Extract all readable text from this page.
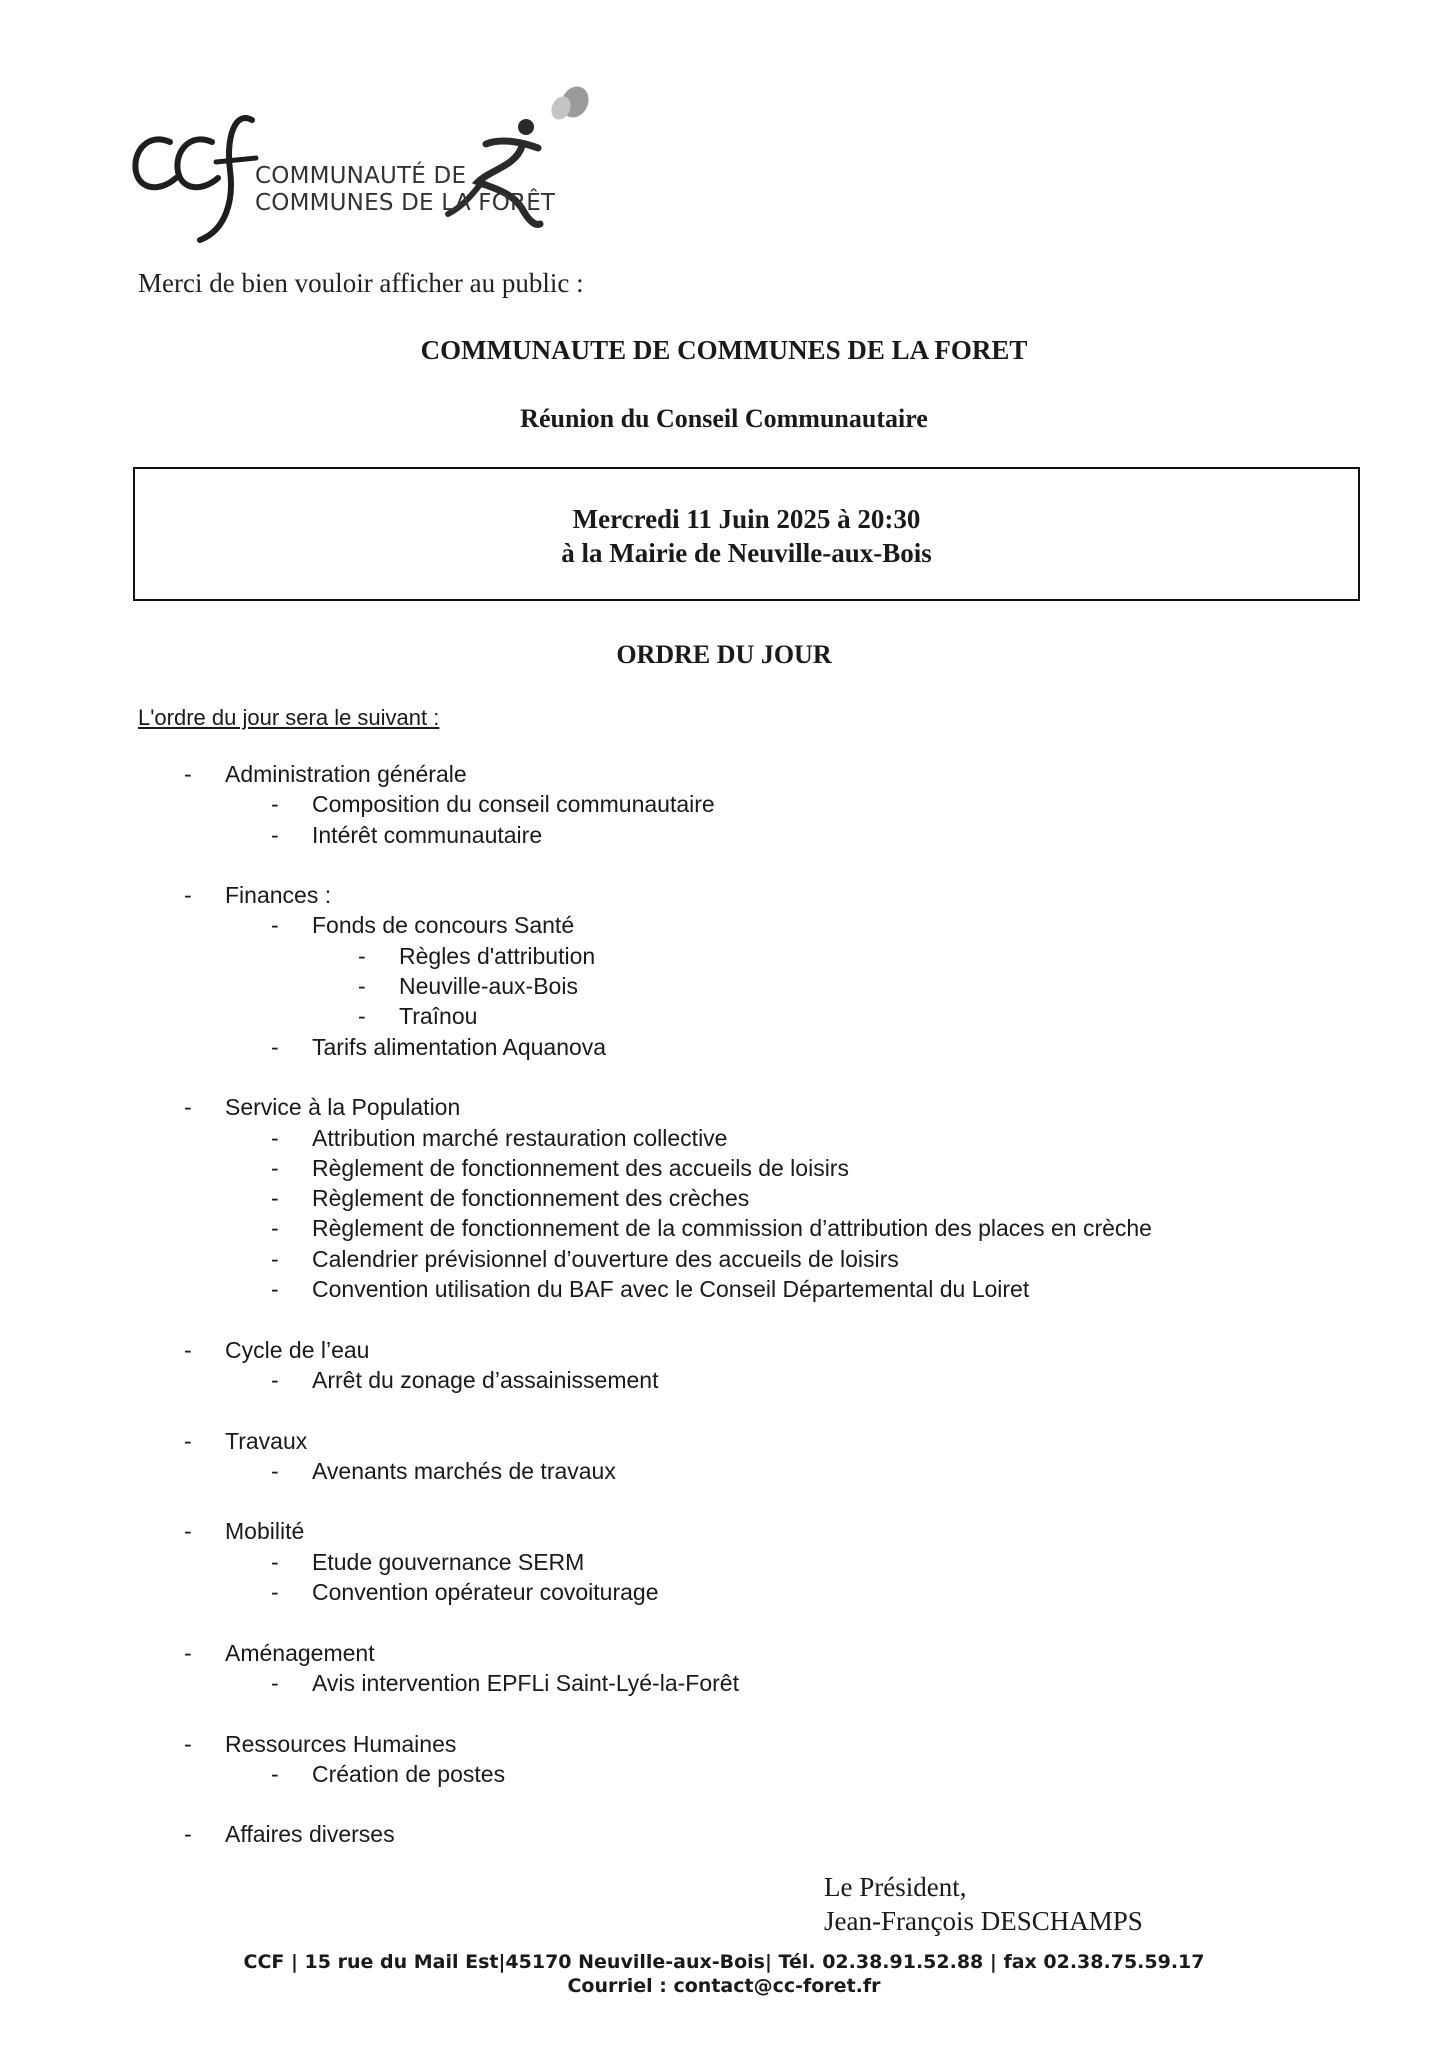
COMMUNAUTÉ DE
COMMUNES DE LA FORÊT
Merci de bien vouloir afficher au public :
COMMUNAUTE DE COMMUNES DE LA FORET
Réunion du Conseil Communautaire
Mercredi 11 Juin 2025 à 20:30
à la Mairie de Neuville-aux-Bois
ORDRE DU JOUR
L'ordre du jour sera le suivant :
- Administration générale
- Composition du conseil communautaire
- Intérêt communautaire
- Finances :
- Fonds de concours Santé
- Règles d'attribution
- Neuville-aux-Bois
- Traînou
- Tarifs alimentation Aquanova
- Service à la Population
- Attribution marché restauration collective
- Règlement de fonctionnement des accueils de loisirs
- Règlement de fonctionnement des crèches
- Règlement de fonctionnement de la commission d’attribution des places en crèche
- Calendrier prévisionnel d’ouverture des accueils de loisirs
- Convention utilisation du BAF avec le Conseil Départemental du Loiret
- Cycle de l’eau
- Arrêt du zonage d’assainissement
- Travaux
- Avenants marchés de travaux
- Mobilité
- Etude gouvernance SERM
- Convention opérateur covoiturage
- Aménagement
- Avis intervention EPFLi Saint-Lyé-la-Forêt
- Ressources Humaines
- Création de postes
- Affaires diverses
Le Président,
Jean-François DESCHAMPS
CCF | 15 rue du Mail Est|45170 Neuville-aux-Bois| Tél. 02.38.91.52.88 | fax 02.38.75.59.17
Courriel : contact@cc-foret.fr
